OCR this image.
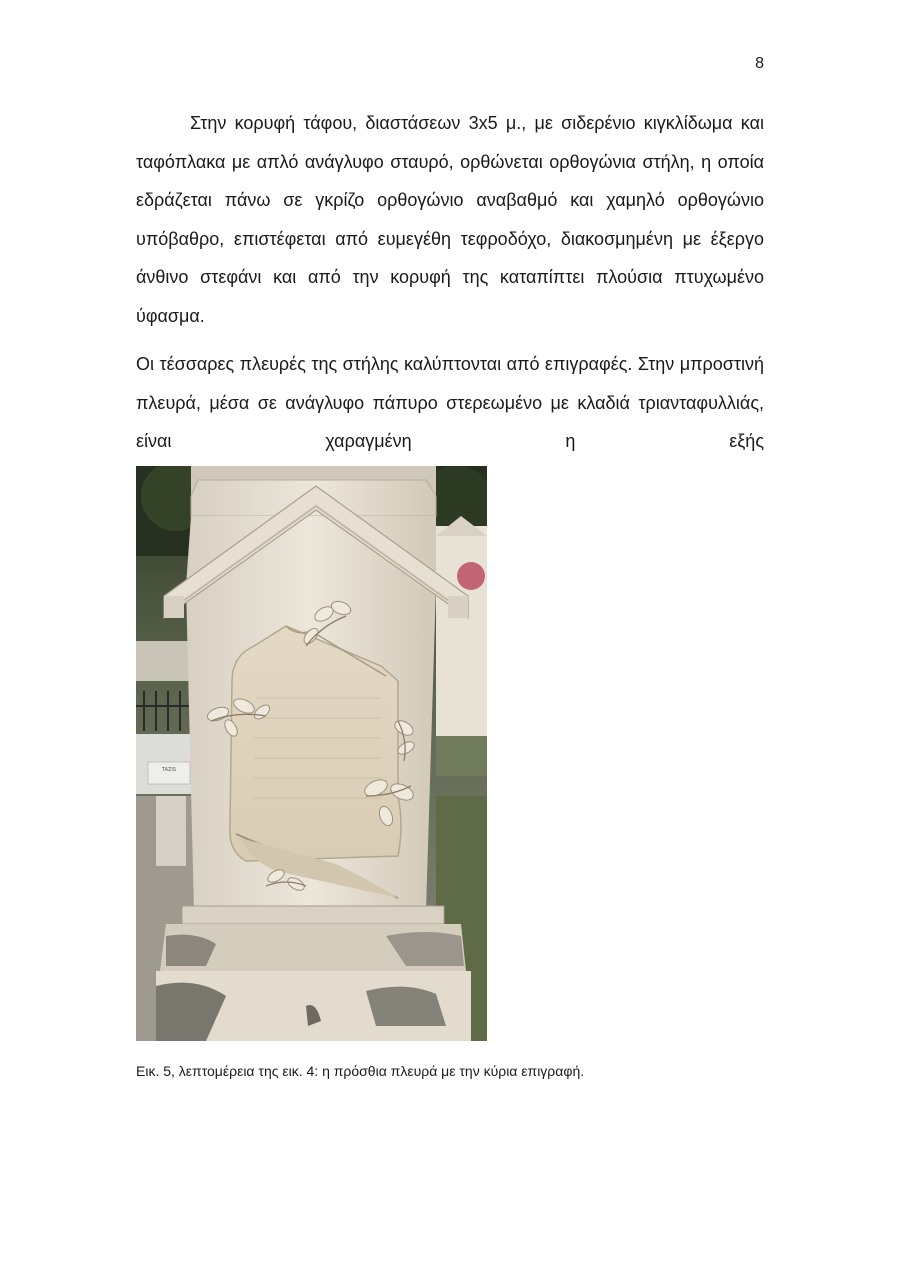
8

Στην κορυφή τάφου, διαστάσεων 3x5 μ., με σιδερένιο κιγκλίδωμα και ταφόπλακα με απλό ανάγλυφο σταυρό, ορθώνεται ορθογώνια στήλη, η οποία εδράζεται πάνω σε γκρίζο ορθογώνιο αναβαθμό και χαμηλό ορθογώνιο υπόβαθρο, επιστέφεται από ευμεγέθη τεφροδόχο, διακοσμημένη με έξεργο άνθινο στεφάνι και από την κορυφή της καταπίπτει πλούσια πτυχωμένο ύφασμα.

Οι τέσσαρες πλευρές της στήλης καλύπτονται από επιγραφές. Στην μπροστινή πλευρά, μέσα σε ανάγλυφο πάπυρο στερεωμένο με κλαδιά τριανταφυλλιάς, είναι χαραγμένη η εξής

TAZIS
Εικ. 5, λεπτομέρεια της εικ. 4: η πρόσθια πλευρά με την κύρια επιγραφή.
